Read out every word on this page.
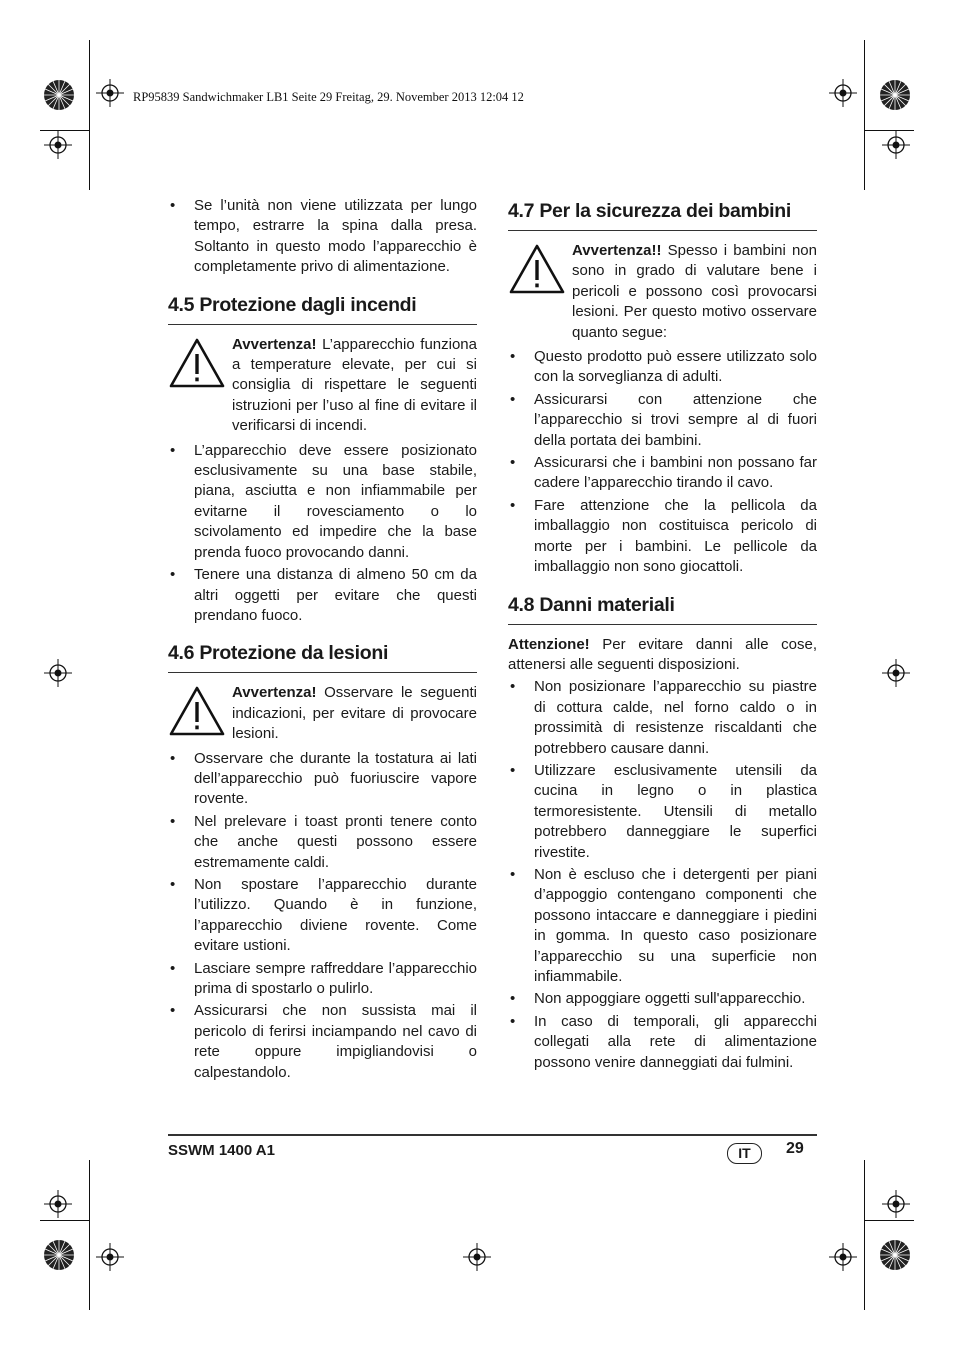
RP95839 Sandwichmaker LB1 Seite 29 Freitag, 29. November 2013 12:04 12
• Se l’unità non viene utilizzata per lungo tempo, estrarre la spina dalla presa. Soltanto in questo modo l’apparecchio è completamente privo di alimentazione.
4.5 Protezione dagli incendi
Avvertenza! L’apparecchio funziona a temperature elevate, per cui si consiglia di rispettare le seguenti istruzioni per l’uso al fine di evitare il verificarsi di incendi.
• L’apparecchio deve essere posizionato esclusivamente su una base stabile, piana, asciutta e non infiammabile per evitarne il rovesciamento o lo scivolamento ed impedire che la base prenda fuoco provocando danni.
• Tenere una distanza di almeno 50 cm da altri oggetti per evitare che questi prendano fuoco.
4.6 Protezione da lesioni
Avvertenza! Osservare le seguenti indicazioni, per evitare di provocare lesioni.
• Osservare che durante la tostatura ai lati dell’apparecchio può fuoriuscire vapore rovente.
• Nel prelevare i toast pronti tenere conto che anche questi possono essere estremamente caldi.
• Non spostare l’apparecchio durante l’utilizzo. Quando è in funzione, l’apparecchio diviene rovente. Come evitare ustioni.
• Lasciare sempre raffreddare l’apparecchio prima di spostarlo o pulirlo.
• Assicurarsi che non sussista mai il pericolo di ferirsi inciampando nel cavo di rete oppure impigliandovisi o calpestandolo.
4.7 Per la sicurezza dei bambini
Avvertenza!! Spesso i bambini non sono in grado di valutare bene i pericoli e possono così provocarsi lesioni. Per questo motivo osservare quanto segue:
• Questo prodotto può essere utilizzato solo con la sorveglianza di adulti.
• Assicurarsi con attenzione che l’apparecchio si trovi sempre al di fuori della portata dei bambini.
• Assicurarsi che i bambini non possano far cadere l’apparecchio tirando il cavo.
• Fare attenzione che la pellicola da imballaggio non costituisca pericolo di morte per i bambini. Le pellicole da imballaggio non sono giocattoli.
4.8 Danni materiali
Attenzione! Per evitare danni alle cose, attenersi alle seguenti disposizioni.
• Non posizionare l’apparecchio su piastre di cottura calde, nel forno caldo o in prossimità di resistenze riscaldanti che potrebbero causare danni.
• Utilizzare esclusivamente utensili da cucina in legno o in plastica termoresistente. Utensili di metallo potrebbero danneggiare le superfici rivestite.
• Non è escluso che i detergenti per piani d’appoggio contengano componenti che possono intaccare e danneggiare i piedini in gomma. In questo caso posizionare l’apparecchio su una superficie non infiammabile.
• Non appoggiare oggetti sull'apparecchio.
• In caso di temporali, gli apparecchi collegati alla rete di alimentazione possono venire danneggiati dai fulmini.
SSWM 1400 A1	IT	29
